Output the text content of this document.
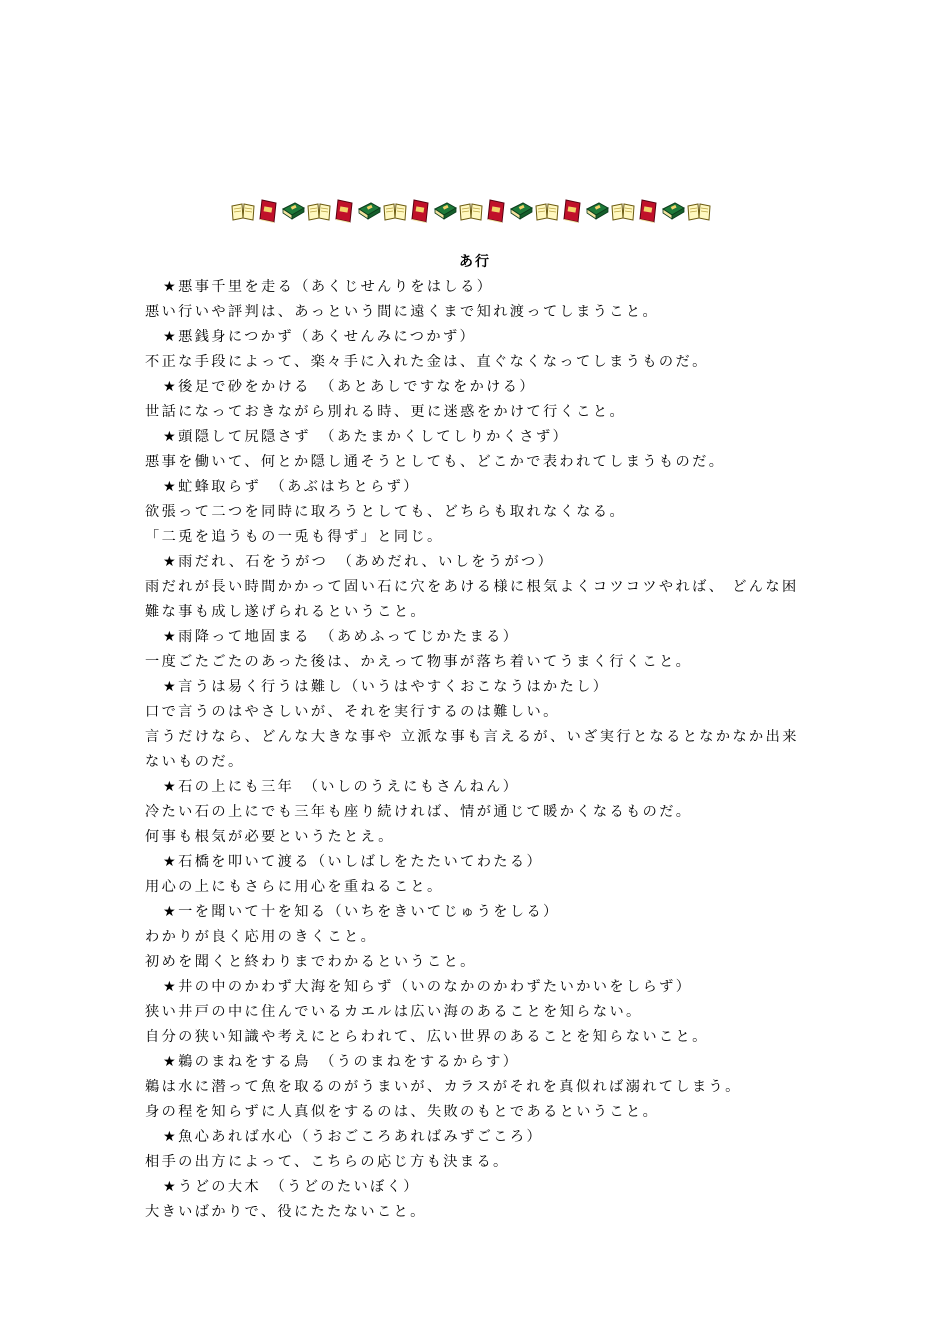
あ行
★悪事千里を走る（あくじせんりをはしる）
悪い行いや評判は、あっという間に遠くまで知れ渡ってしまうこと。
★悪銭身につかず（あくせんみにつかず）
不正な手段によって、楽々手に入れた金は、直ぐなくなってしまうものだ。
★後足で砂をかける　（あとあしですなをかける）
世話になっておきながら別れる時、更に迷惑をかけて行くこと。
★頭隠して尻隠さず　（あたまかくしてしりかくさず）
悪事を働いて、何とか隠し通そうとしても、どこかで表われてしまうものだ。
★虻蜂取らず　（あぶはちとらず）
欲張って二つを同時に取ろうとしても、どちらも取れなくなる。
「二兎を追うもの一兎も得ず」と同じ。
★雨だれ、石をうがつ　（あめだれ、いしをうがつ）
雨だれが長い時間かかって固い石に穴をあける様に根気よくコツコツやれば、 どんな困
難な事も成し遂げられるということ。
★雨降って地固まる　（あめふってじかたまる）
一度ごたごたのあった後は、かえって物事が落ち着いてうまく行くこと。
★言うは易く行うは難し（いうはやすくおこなうはかたし）
口で言うのはやさしいが、それを実行するのは難しい。
言うだけなら、どんな大きな事や 立派な事も言えるが、いざ実行となるとなかなか出来
ないものだ。
★石の上にも三年　（いしのうえにもさんねん）
冷たい石の上にでも三年も座り続ければ、情が通じて暖かくなるものだ。
何事も根気が必要というたとえ。
★石橋を叩いて渡る（いしばしをたたいてわたる）
用心の上にもさらに用心を重ねること。
★一を聞いて十を知る（いちをきいてじゅうをしる）
わかりが良く応用のきくこと。
初めを聞くと終わりまでわかるということ。
★井の中のかわず大海を知らず（いのなかのかわずたいかいをしらず）
狭い井戸の中に住んでいるカエルは広い海のあることを知らない。
自分の狭い知識や考えにとらわれて、広い世界のあることを知らないこと。
★鵜のまねをする鳥　（うのまねをするからす）
鵜は水に潜って魚を取るのがうまいが、カラスがそれを真似れば溺れてしまう。
身の程を知らずに人真似をするのは、失敗のもとであるということ。
★魚心あれば水心（うおごころあればみずごころ）
相手の出方によって、こちらの応じ方も決まる。
★うどの大木　（うどのたいぼく）
大きいばかりで、役にたたないこと。
